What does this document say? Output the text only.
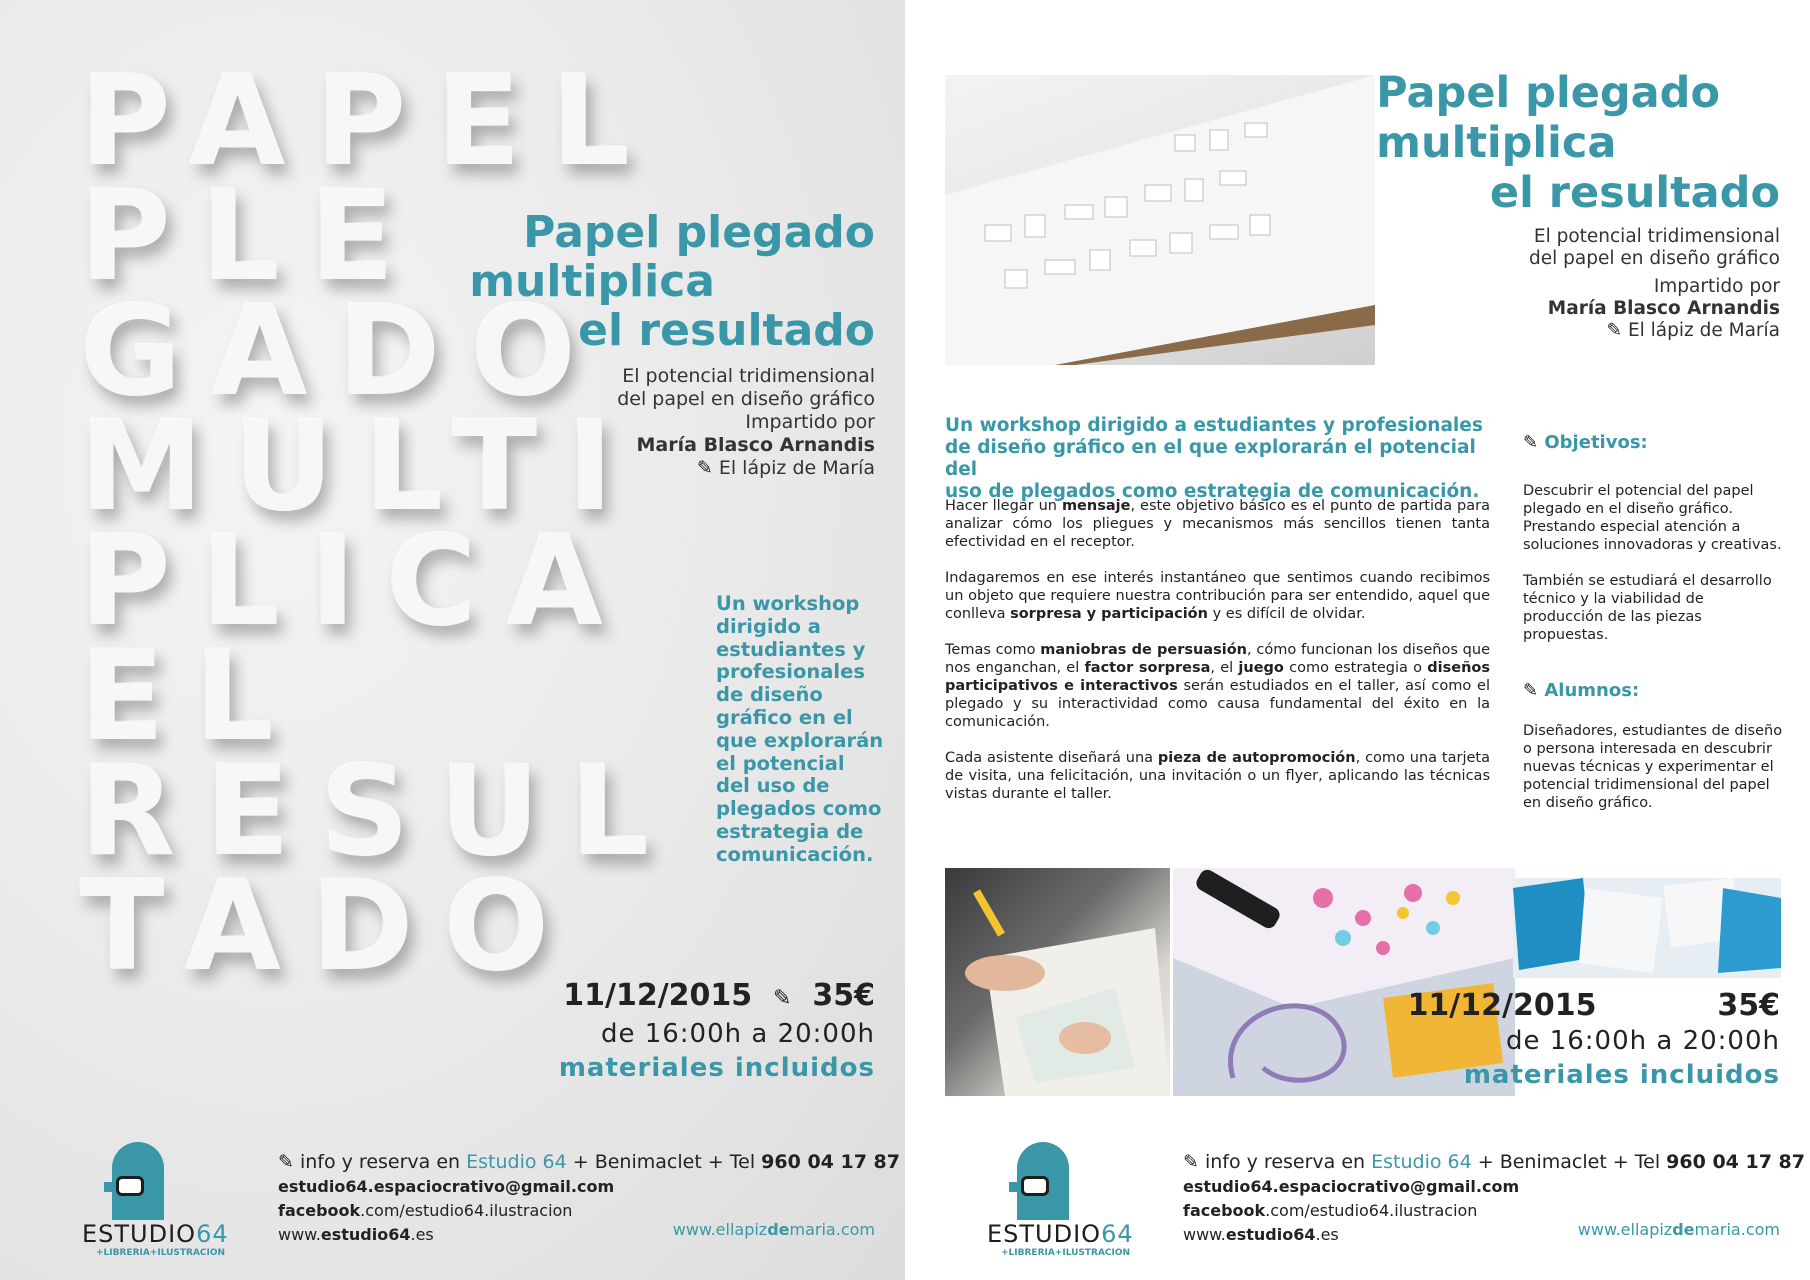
PAPEL
PLE
GADO
MULTI
PLICA
EL
RESUL
TADO
Papel plegado
multiplica
el resultado
El potencial tridimensional
del papel en diseño gráfico
Impartido por
María Blasco Arnandis
✎ El lápiz de María
Un workshop
dirigido a
estudiantes y
profesionales
de diseño
gráfico en el
que explorarán
el potencial
del uso de
plegados como
estrategia de
comunicación.
11/12/2015 ✎ 35€
de 16:00h a 20:00h
materiales incluidos
ESTUDIO64
+LIBRERIA+ILUSTRACION
✎ info y reserva en Estudio 64 + Benimaclet + Tel 960 04 17 87
estudio64.espaciocrativo@gmail.com
facebook.com/estudio64.ilustracion
www.estudio64.es	www.ellapizdemaria.com
Papel plegado
multiplica
el resultado
El potencial tridimensional
del papel en diseño gráfico
Impartido por
María Blasco Arnandis
✎ El lápiz de María
Un workshop dirigido a estudiantes y profesionales
de diseño gráfico en el que explorarán el potencial del
uso de plegados como estrategia de comunicación.

Hacer llegar un mensaje, este objetivo básico es el punto de partida para analizar cómo los pliegues y mecanismos más sencillos tienen tanta efectividad en el receptor.

Indagaremos en ese interés instantáneo que sentimos cuando recibimos un objeto que requiere nuestra contribución para ser entendido, aquel que conlleva sorpresa y participación y es difícil de olvidar.

Temas como maniobras de persuasión, cómo funcionan los diseños que nos enganchan, el factor sorpresa, el juego como estrategia o diseños participativos e interactivos serán estudiados en el taller, así como el plegado y su interactividad como causa fundamental del éxito en la comunicación.

Cada asistente diseñará una pieza de autopromoción, como una tarjeta de visita, una felicitación, una invitación o un flyer, aplicando las técnicas vistas durante el taller.

✎ Objetivos:

Descubrir el potencial del papel plegado en el diseño gráfico. Prestando especial atención a soluciones innovadoras y creativas.

También se estudiará el desarrollo técnico y la viabilidad de producción de las piezas propuestas.

✎ Alumnos:

Diseñadores, estudiantes de diseño o persona interesada en descubrir nuevas técnicas y experimentar el potencial tridimensional del papel en diseño gráfico.

11/12/2015	35€
de 16:00h a 20:00h
materiales incluidos
ESTUDIO64
+LIBRERIA+ILUSTRACION
✎ info y reserva en Estudio 64 + Benimaclet + Tel 960 04 17 87
estudio64.espaciocrativo@gmail.com
facebook.com/estudio64.ilustracion
www.estudio64.es	www.ellapizdemaria.com
